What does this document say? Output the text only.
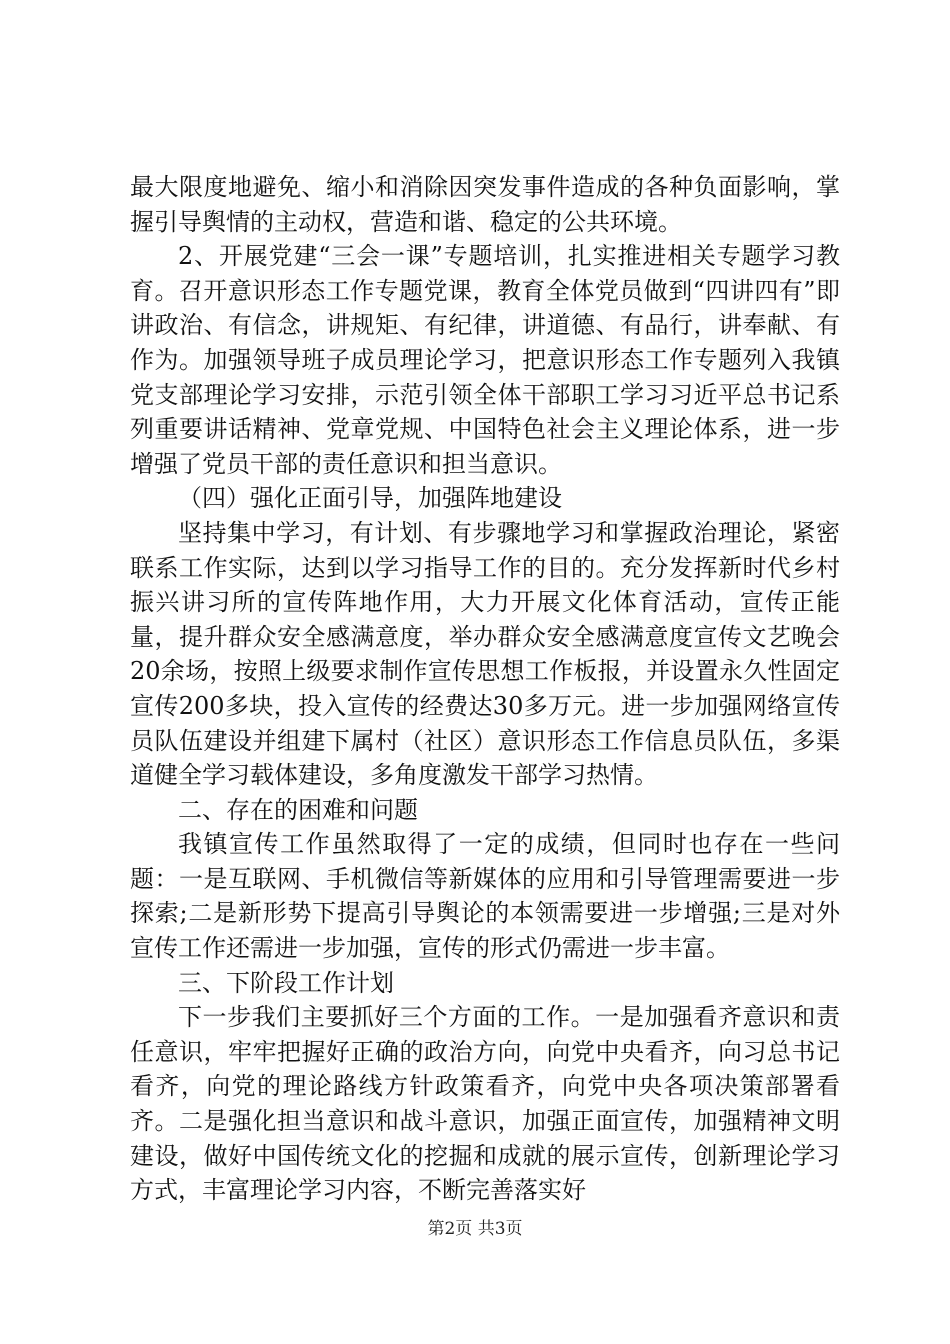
最大限度地避免、缩小和消除因突发事件造成的各种负面影响，掌握引导舆情的主动权，营造和谐、稳定的公共环境。

2、开展党建“三会一课”专题培训，扎实推进相关专题学习教育。召开意识形态工作专题党课，教育全体党员做到“四讲四有”即讲政治、有信念，讲规矩、有纪律，讲道德、有品行，讲奉献、有作为。加强领导班子成员理论学习，把意识形态工作专题列入我镇党支部理论学习安排，示范引领全体干部职工学习习近平总书记系列重要讲话精神、党章党规、中国特色社会主义理论体系，进一步增强了党员干部的责任意识和担当意识。

（四）强化正面引导，加强阵地建设

坚持集中学习，有计划、有步骤地学习和掌握政治理论，紧密联系工作实际，达到以学习指导工作的目的。充分发挥新时代乡村振兴讲习所的宣传阵地作用，大力开展文化体育活动，宣传正能量，提升群众安全感满意度，举办群众安全感满意度宣传文艺晚会20余场，按照上级要求制作宣传思想工作板报，并设置永久性固定宣传200多块，投入宣传的经费达30多万元。进一步加强网络宣传员队伍建设并组建下属村（社区）意识形态工作信息员队伍，多渠道健全学习载体建设，多角度激发干部学习热情。

二、存在的困难和问题

我镇宣传工作虽然取得了一定的成绩，但同时也存在一些问题：一是互联网、手机微信等新媒体的应用和引导管理需要进一步探索;二是新形势下提高引导舆论的本领需要进一步增强;三是对外宣传工作还需进一步加强，宣传的形式仍需进一步丰富。

三、下阶段工作计划

下一步我们主要抓好三个方面的工作。一是加强看齐意识和责任意识，牢牢把握好正确的政治方向，向党中央看齐，向习总书记看齐，向党的理论路线方针政策看齐，向党中央各项决策部署看齐。二是强化担当意识和战斗意识，加强正面宣传，加强精神文明建设，做好中国传统文化的挖掘和成就的展示宣传，创新理论学习方式，丰富理论学习内容，不断完善落实好

第2页 共3页
